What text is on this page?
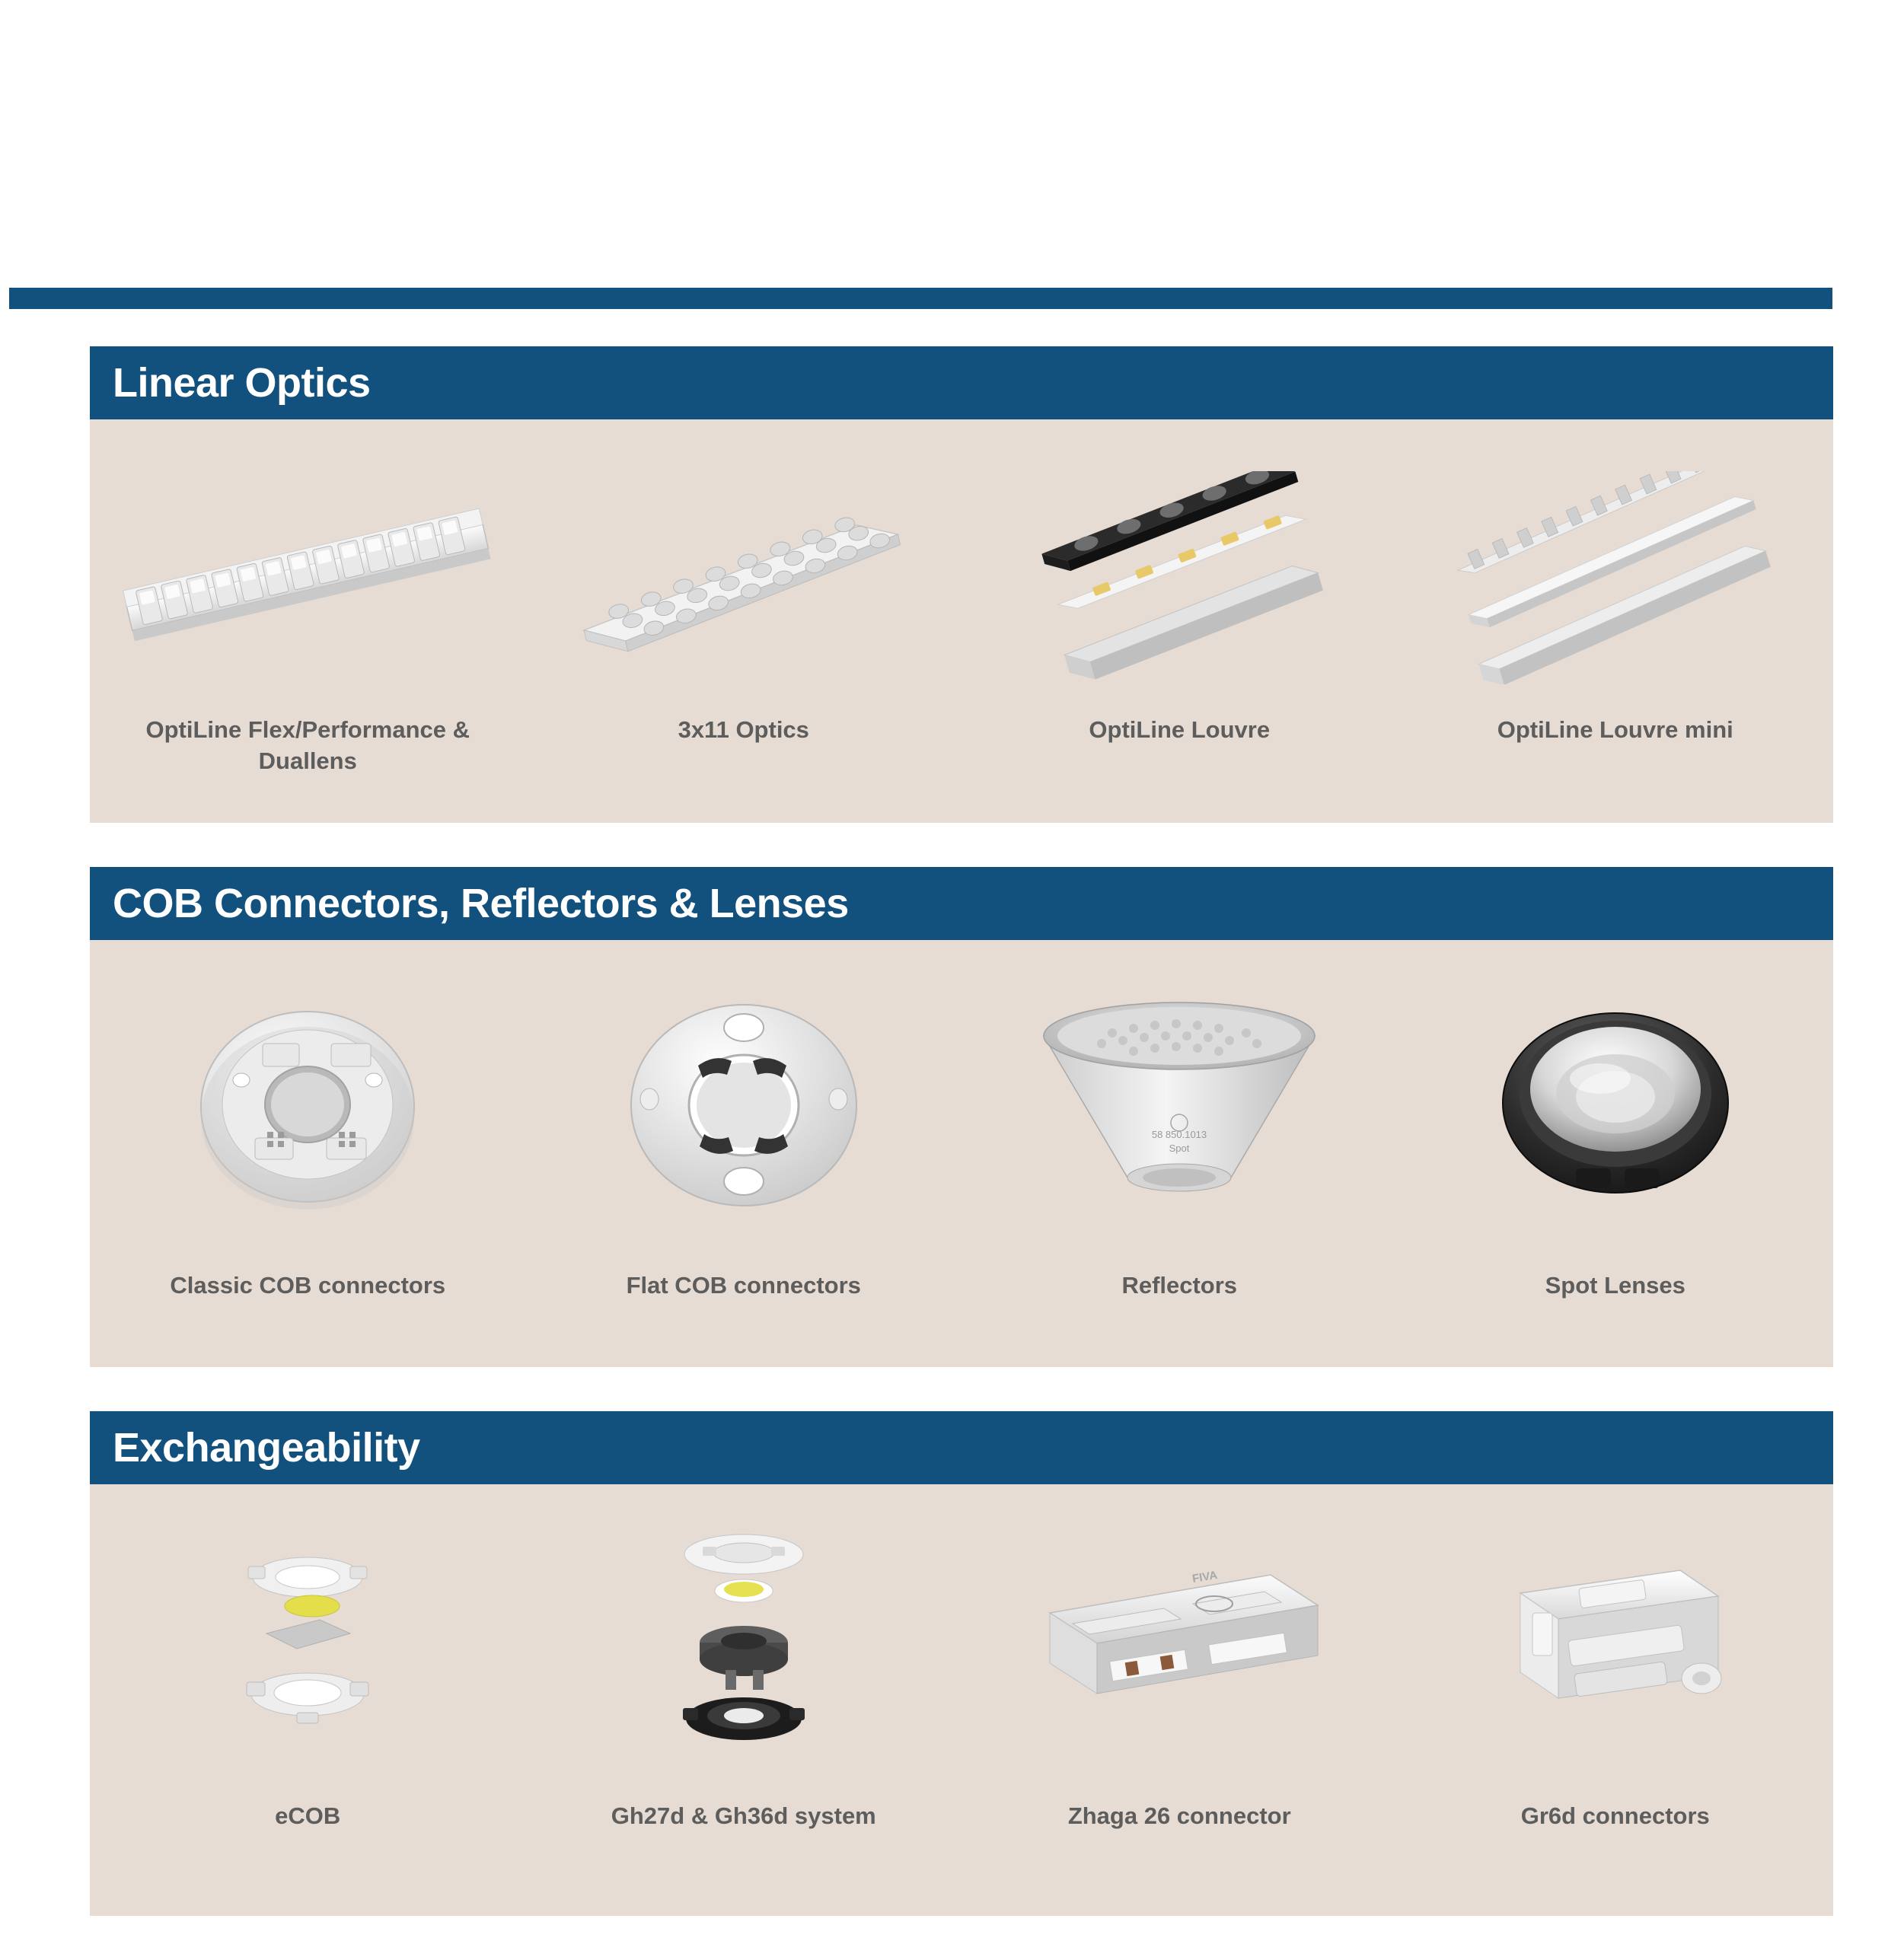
Linear Optics
OptiLine Flex/Performance & Duallens
3x11 Optics	OptiLine Louvre	OptiLine Louvre mini
COB Connectors, Reflectors & Lenses
Classic COB connectors	Flat COB connectors
58 850.1013
Spot
Reflectors	Spot Lenses
Exchangeability
eCOB	Gh27d & Gh36d system
FIVA
Zhaga 26 connector	Gr6d connectors
